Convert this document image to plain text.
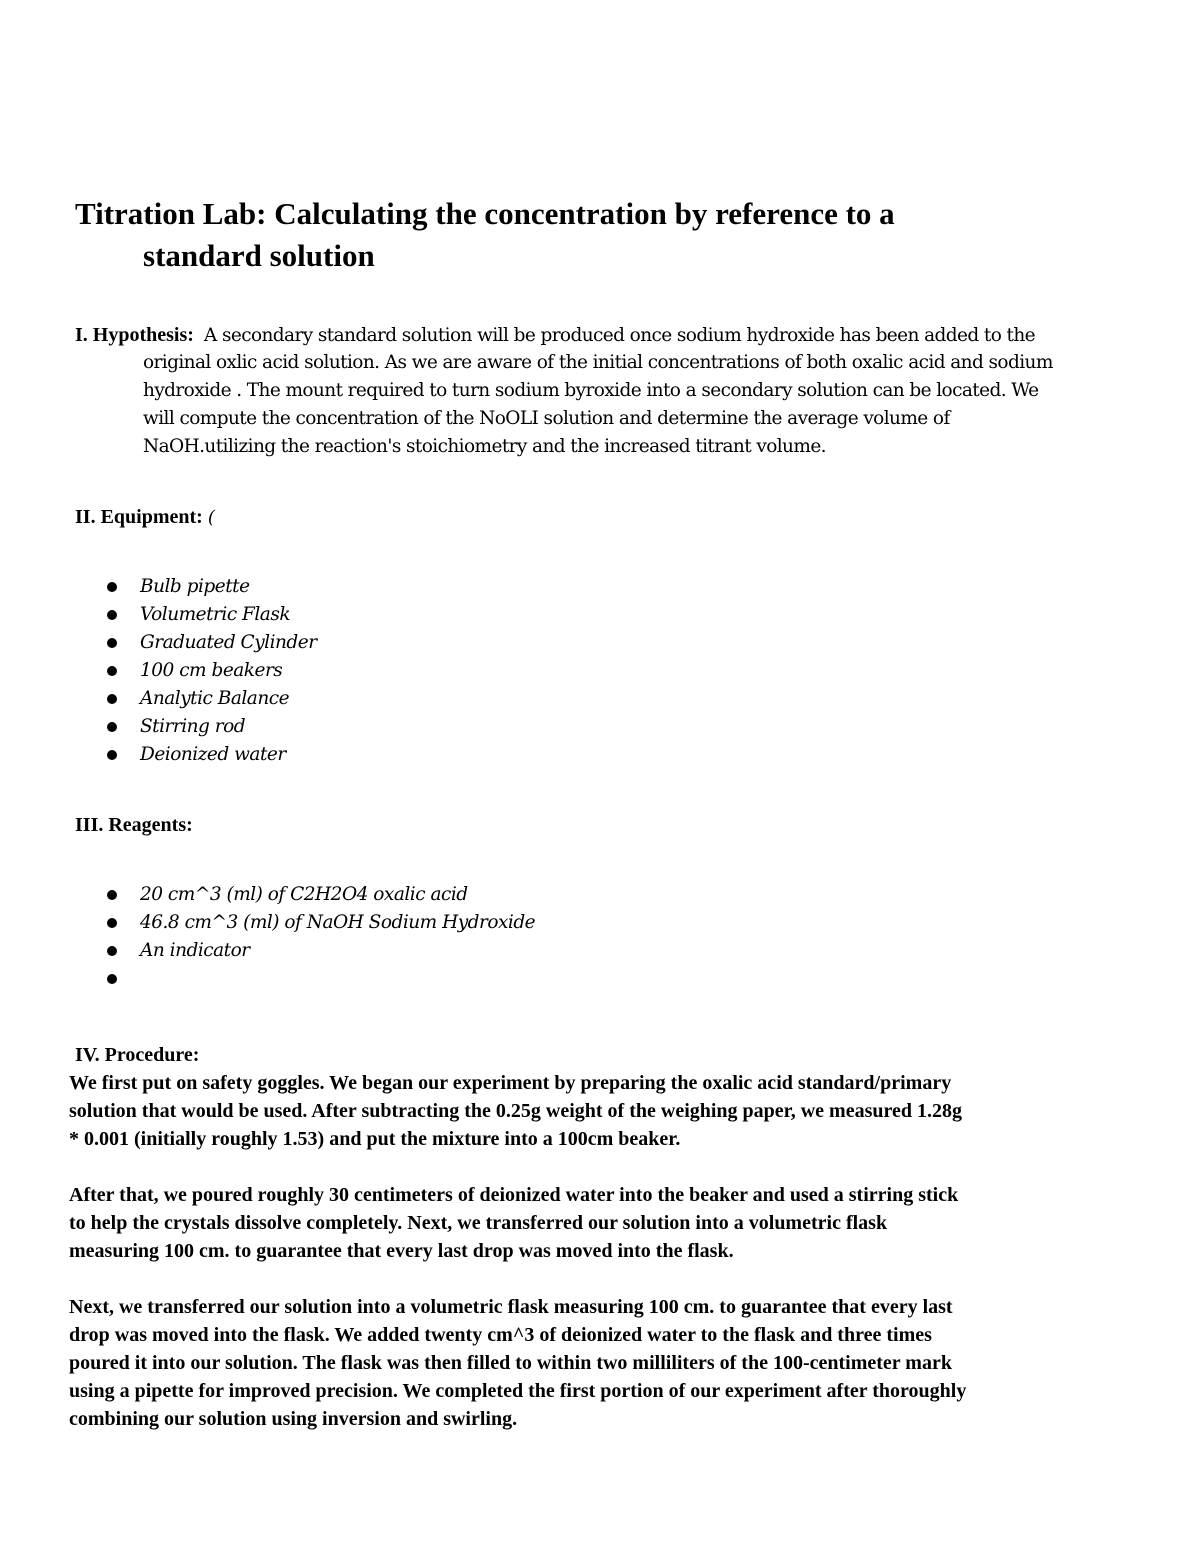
Titration Lab: Calculating the concentration by reference to a
standard solution

I. Hypothesis: A secondary standard solution will be produced once sodium hydroxide has been added to the

original oxlic acid solution. As we are aware of the initial concentrations of both oxalic acid and sodium
hydroxide . The mount required to turn sodium byroxide into a secondary solution can be located. We
will compute the concentration of the NoOLI solution and determine the average volume of
NaOH.utilizing the reaction's stoichiometry and the increased titrant volume.

II. Equipment: (

Bulb pipette
Volumetric Flask
Graduated Cylinder
100 cm beakers
Analytic Balance
Stirring rod
Deionized water

III. Reagents:

20 cm^3 (ml) of C2H2O4 oxalic acid
46.8 cm^3 (ml) of NaOH Sodium Hydroxide
An indicator

IV. Procedure:

We first put on safety goggles. We began our experiment by preparing the oxalic acid standard/primary
solution that would be used. After subtracting the 0.25g weight of the weighing paper, we measured 1.28g
* 0.001 (initially roughly 1.53) and put the mixture into a 100cm beaker.
After that, we poured roughly 30 centimeters of deionized water into the beaker and used a stirring stick
to help the crystals dissolve completely. Next, we transferred our solution into a volumetric flask
measuring 100 cm. to guarantee that every last drop was moved into the flask.
Next, we transferred our solution into a volumetric flask measuring 100 cm. to guarantee that every last
drop was moved into the flask. We added twenty cm^3 of deionized water to the flask and three times
poured it into our solution. The flask was then filled to within two milliliters of the 100-centimeter mark
using a pipette for improved precision. We completed the first portion of our experiment after thoroughly
combining our solution using inversion and swirling.
